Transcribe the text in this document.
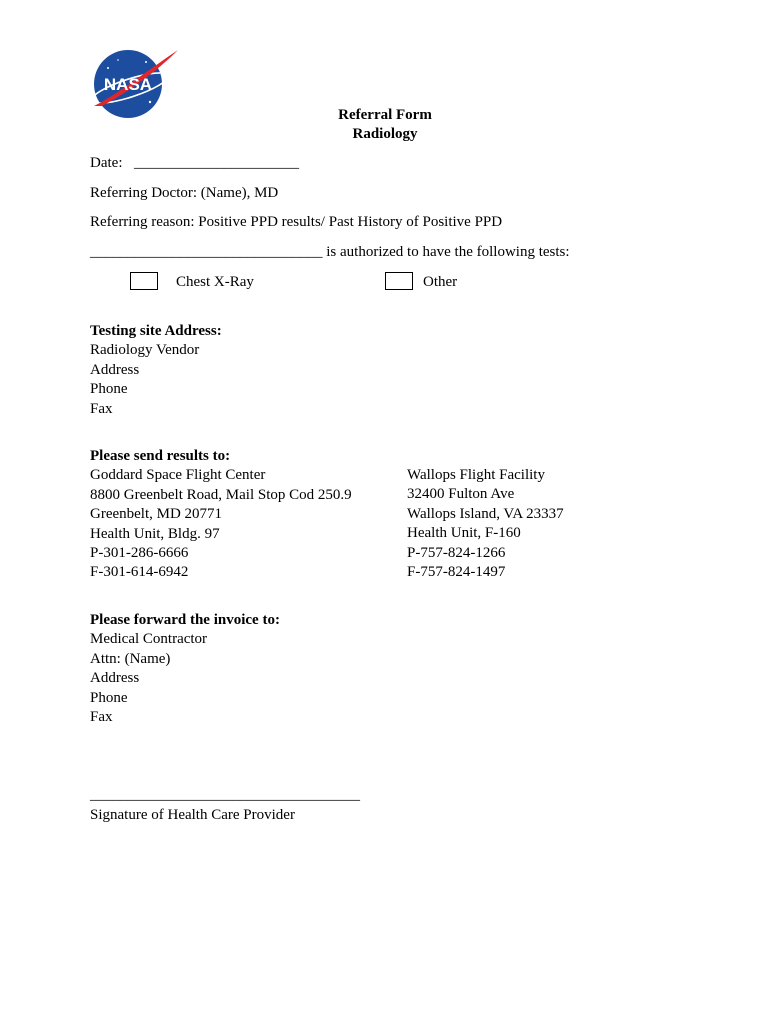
NASA
Referral Form
Radiology
Date: ______________________
Referring Doctor: (Name), MD
Referring reason: Positive PPD results/ Past History of Positive PPD
_______________________________ is authorized to have the following tests:
Chest X-Ray	Other
Testing site Address:
Radiology Vendor
Address
Phone
Fax
Please send results to:
Goddard Space Flight Center
8800 Greenbelt Road, Mail Stop Cod 250.9
Greenbelt, MD 20771
Health Unit, Bldg. 97
P-301-286-6666
F-301-614-6942
Wallops Flight Facility
32400 Fulton Ave
Wallops Island, VA 23337
Health Unit, F-160
P-757-824-1266
F-757-824-1497
Please forward the invoice to:
Medical Contractor
Attn: (Name)
Address
Phone
Fax
____________________________________
Signature of Health Care Provider
